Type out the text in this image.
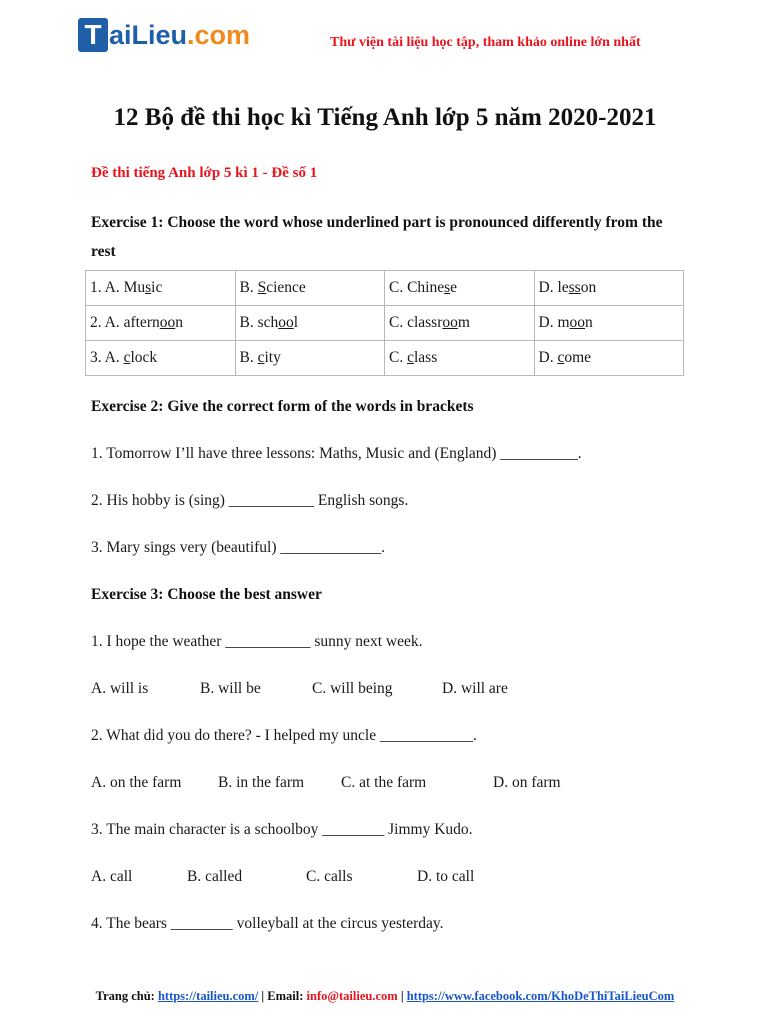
T aiLieu.com	Thư viện tài liệu học tập, tham khảo online lớn nhất
12 Bộ đề thi học kì Tiếng Anh lớp 5 năm 2020-2021
Đề thi tiếng Anh lớp 5 kì 1 - Đề số 1
Exercise 1: Choose the word whose underlined part is pronounced differently from the rest
1. A. Music	B. Science	C. Chinese	D. lesson
2. A. afternoon	B. school	C. classroom	D. moon
3. A. clock	B. city	C. class	D. come
Exercise 2: Give the correct form of the words in brackets
1. Tomorrow I’ll have three lessons: Maths, Music and (England) __________.
2. His hobby is (sing) ___________ English songs.
3. Mary sings very (beautiful) _____________.
Exercise 3: Choose the best answer
1. I hope the weather ___________ sunny next week.
A. will is	B. will be	C. will being	D. will are
2. What did you do there? - I helped my uncle ____________.
A. on the farm B. in the farm C. at the farm	D. on farm
3. The main character is a schoolboy ________ Jimmy Kudo.
A. call	B. called	C. calls	D. to call
4. The bears ________ volleyball at the circus yesterday.
Trang chủ: https://tailieu.com/ | Email: info@tailieu.com | https://www.facebook.com/KhoDeThiTaiLieuCom
